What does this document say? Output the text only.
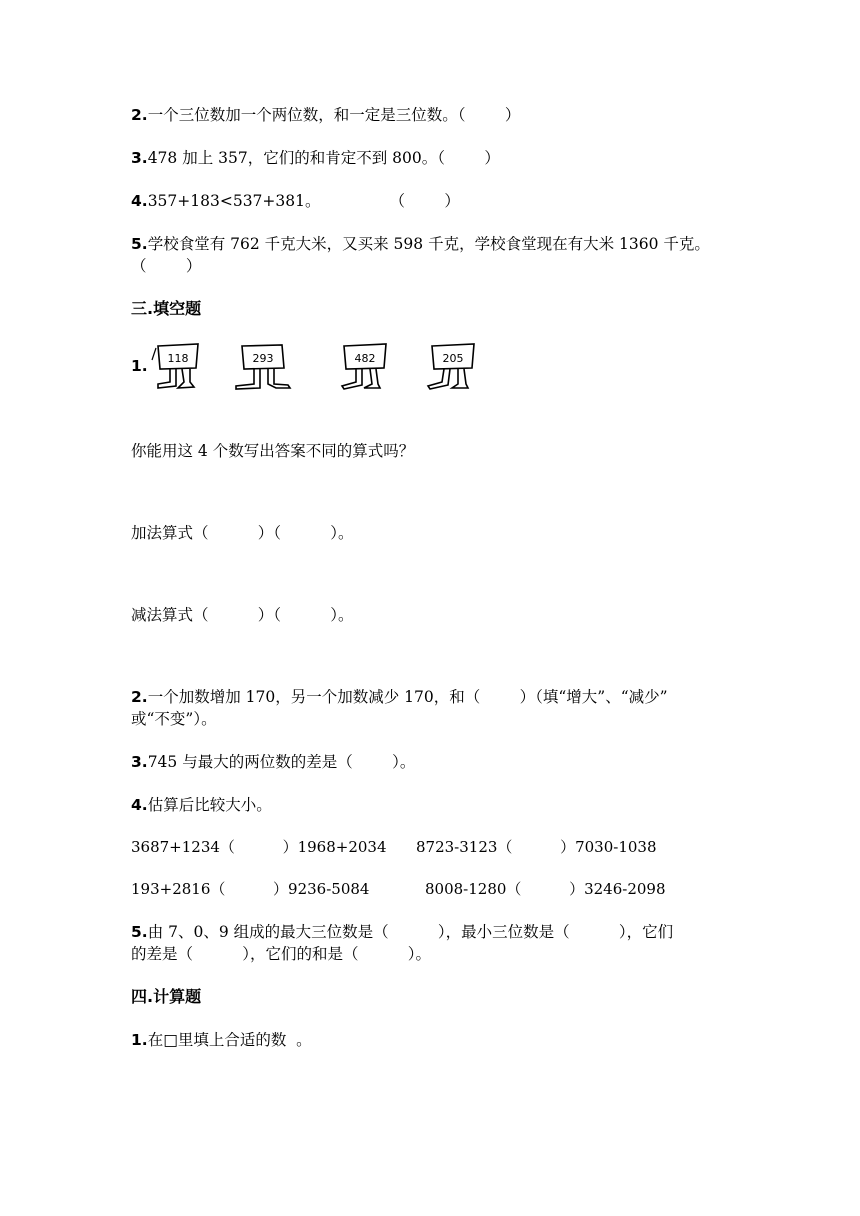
2.一个三位数加一个两位数，和一定是三位数。（        ）
3.478 加上 357，它们的和肯定不到 800。（        ）
4.357+183<537+381。              （        ）
5.学校食堂有 762 千克大米，又买来 598 千克，学校食堂现在有大米 1360 千克。
（        ）
三.填空题
1. 118	293	482	205
你能用这 4 个数写出答案不同的算式吗？
加法算式（          ）（          ）。
减法算式（          ）（          ）。
2.一个加数增加 170，另一个加数减少 170，和（        ）（填“增大”、“减少”
或“不变”）。
3.745 与最大的两位数的差是（        ）。
4.估算后比较大小。
3687+1234（          ）1968+2034 8723-3123（          ）7030-1038
193+2816（          ）9236-5084	8008-1280（          ）3246-2098
5.由 7、0、9 组成的最大三位数是（          ），最小三位数是（          ），它们
的差是（          ），它们的和是（          ）。
四.计算题
1.在□里填上合适的数  。
